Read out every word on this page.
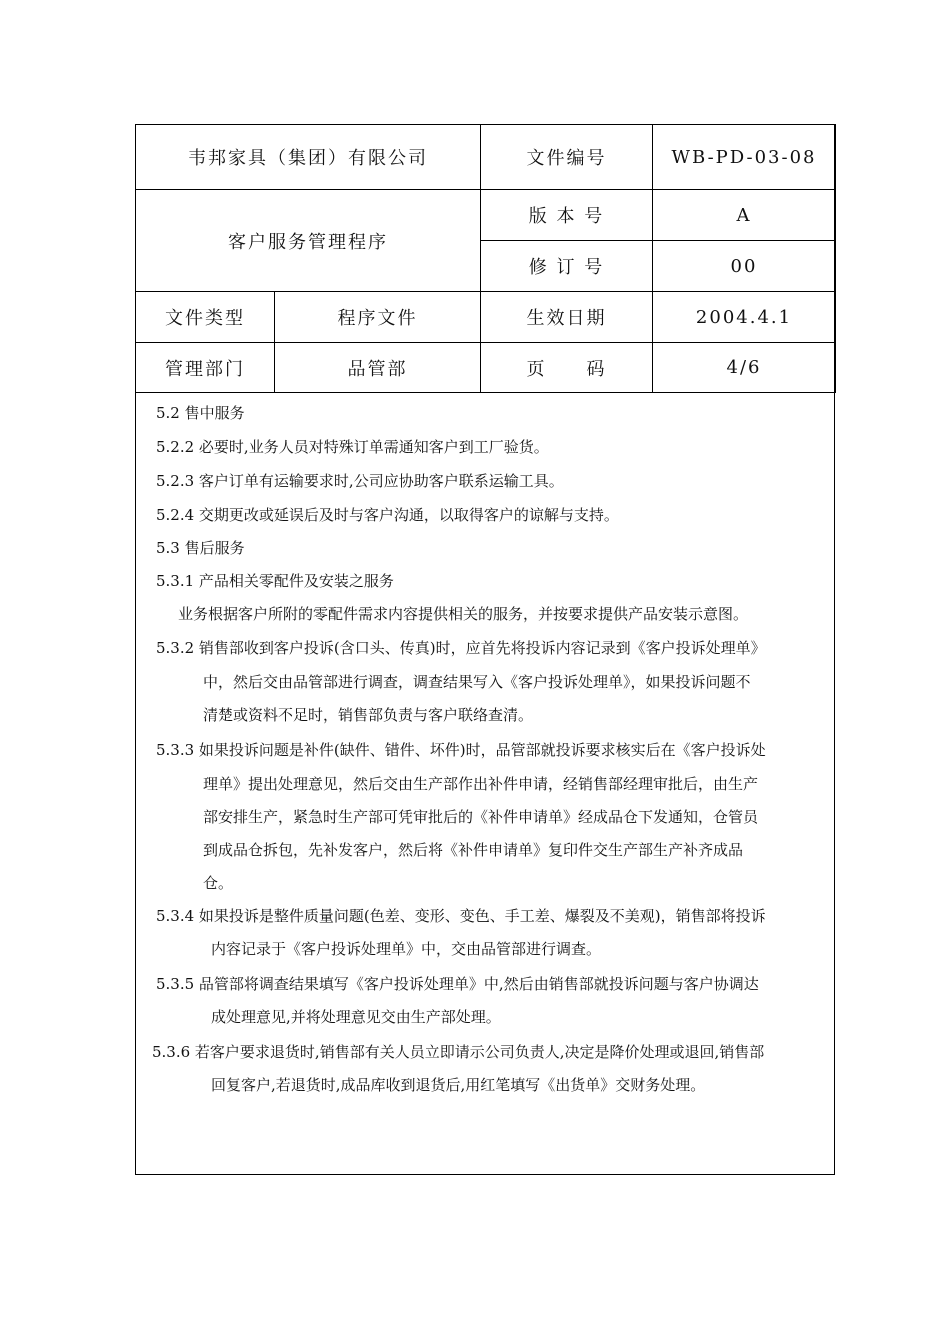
韦邦家具（集团）有限公司		文件编号	WB-PD-03-08
客户服务管理程序		版 本 号	A
		修 订 号	00
文件类型	程序文件	生效日期	2004.4.1
管理部门	品管部	页　　码	4/6
5.2 售中服务
5.2.2 必要时,业务人员对特殊订单需通知客户到工厂验货。
5.2.3 客户订单有运输要求时,公司应协助客户联系运输工具。
5.2.4 交期更改或延误后及时与客户沟通，以取得客户的谅解与支持。
5.3 售后服务
5.3.1 产品相关零配件及安装之服务
业务根据客户所附的零配件需求内容提供相关的服务，并按要求提供产品安装示意图。
5.3.2 销售部收到客户投诉(含口头、传真)时，应首先将投诉内容记录到《客户投诉处理单》
中，然后交由品管部进行调查，调查结果写入《客户投诉处理单》，如果投诉问题不
清楚或资料不足时，销售部负责与客户联络查清。
5.3.3 如果投诉问题是补件(缺件、错件、坏件)时，品管部就投诉要求核实后在《客户投诉处
理单》提出处理意见，然后交由生产部作出补件申请，经销售部经理审批后，由生产
部安排生产，紧急时生产部可凭审批后的《补件申请单》经成品仓下发通知，仓管员
到成品仓拆包，先补发客户，然后将《补件申请单》复印件交生产部生产补齐成品
仓。
5.3.4 如果投诉是整件质量问题(色差、变形、变色、手工差、爆裂及不美观)，销售部将投诉
内容记录于《客户投诉处理单》中，交由品管部进行调查。
5.3.5 品管部将调查结果填写《客户投诉处理单》中,然后由销售部就投诉问题与客户协调达
成处理意见,并将处理意见交由生产部处理。
5.3.6 若客户要求退货时,销售部有关人员立即请示公司负责人,决定是降价处理或退回,销售部
回复客户,若退货时,成品库收到退货后,用红笔填写《出货单》交财务处理。
